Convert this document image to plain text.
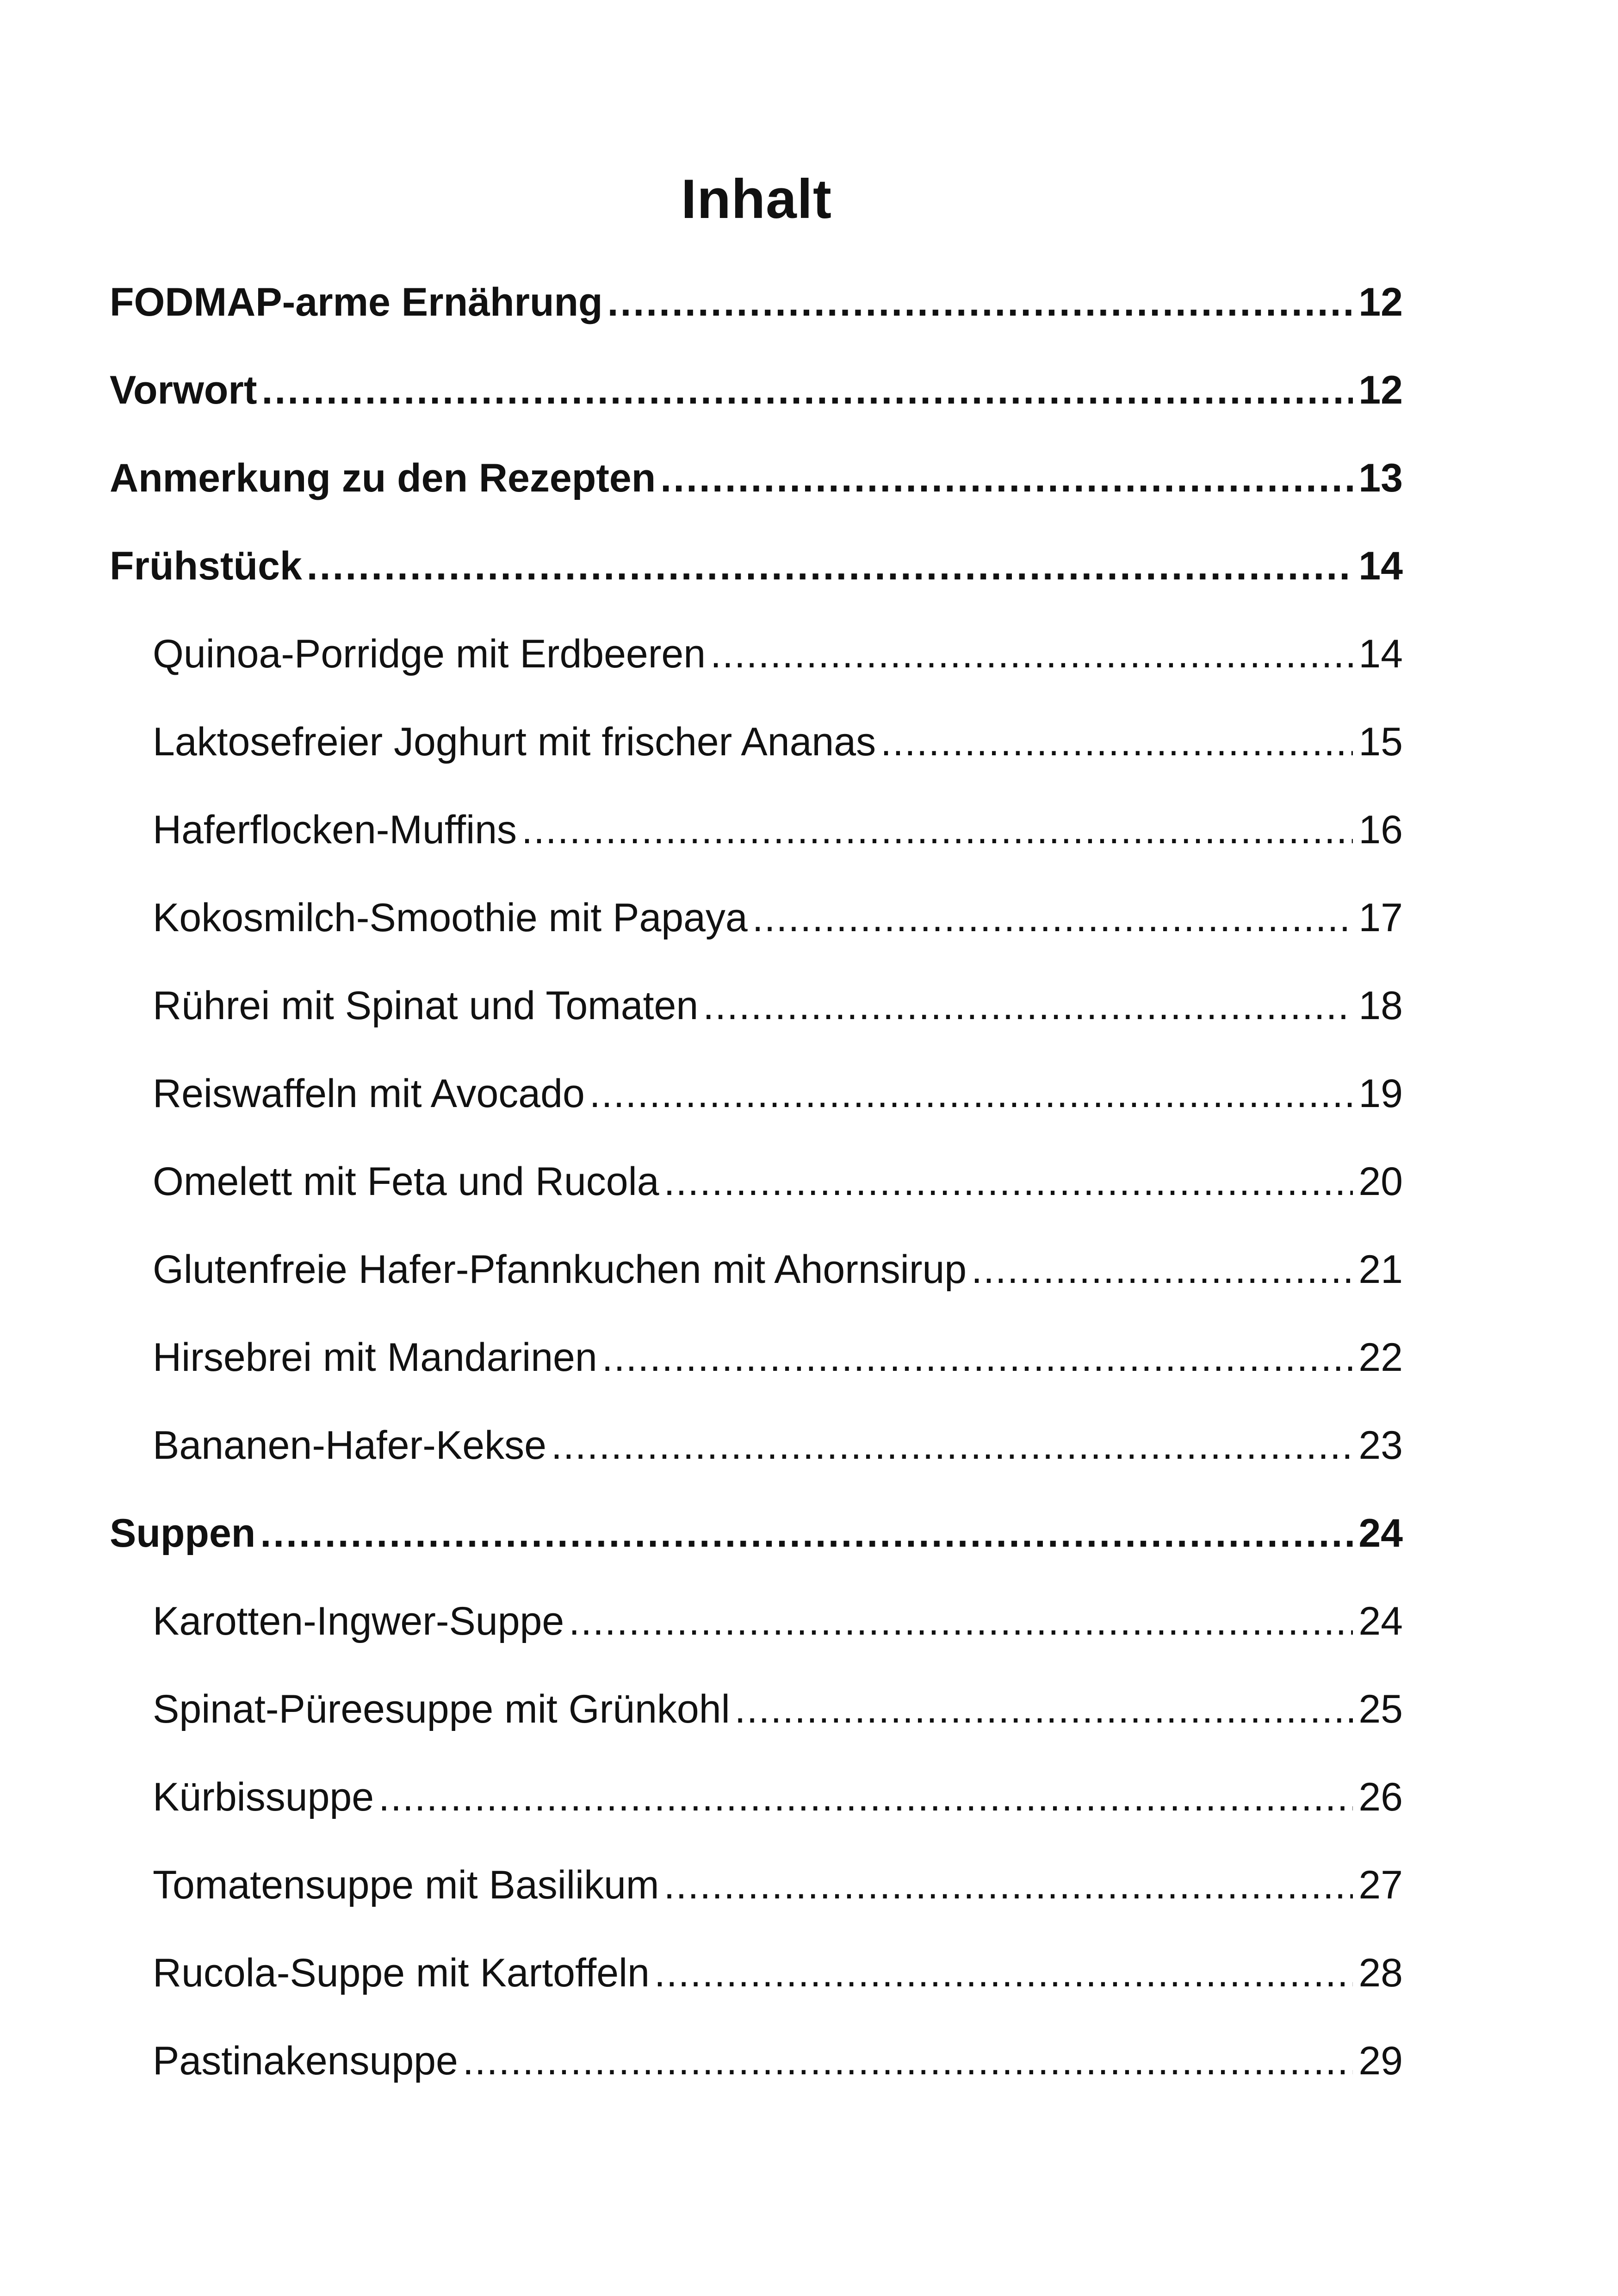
Inhalt
FODMAP-arme Ernährung .....	12
Vorwort .....	12
Anmerkung zu den Rezepten .....	13
Frühstück .....	14
Quinoa-Porridge mit Erdbeeren .....	14
Laktosefreier Joghurt mit frischer Ananas .....	15
Haferflocken-Muffins .....	16
Kokosmilch-Smoothie mit Papaya .....	17
Rührei mit Spinat und Tomaten .....	18
Reiswaffeln mit Avocado .....	19
Omelett mit Feta und Rucola .....	20
Glutenfreie Hafer-Pfannkuchen mit Ahornsirup .....	21
Hirsebrei mit Mandarinen .....	22
Bananen-Hafer-Kekse .....	23
Suppen .....	24
Karotten-Ingwer-Suppe .....	24
Spinat-Püreesuppe mit Grünkohl .....	25
Kürbissuppe .....	26
Tomatensuppe mit Basilikum .....	27
Rucola-Suppe mit Kartoffeln .....	28
Pastinakensuppe .....	29
